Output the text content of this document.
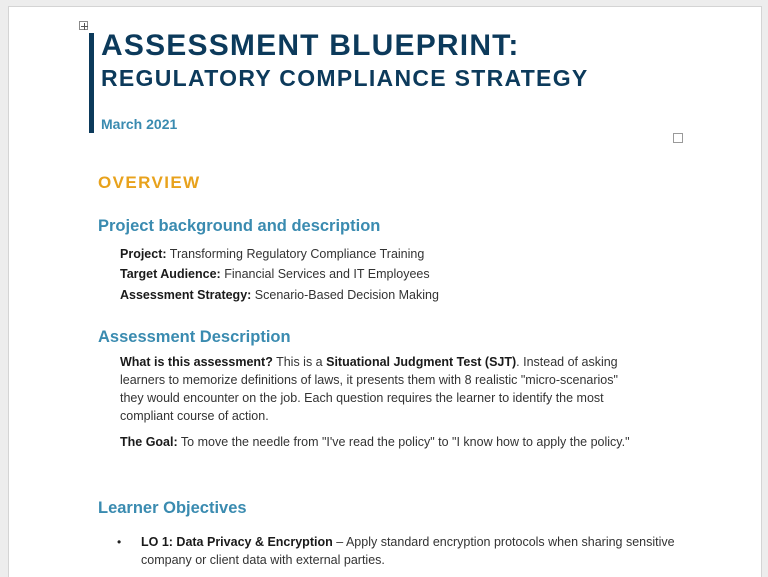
ASSESSMENT BLUEPRINT:
REGULATORY COMPLIANCE STRATEGY
March 2021
OVERVIEW
Project background and description
Project: Transforming Regulatory Compliance Training
Target Audience: Financial Services and IT Employees
Assessment Strategy: Scenario-Based Decision Making
Assessment Description

What is this assessment? This is a Situational Judgment Test (SJT). Instead of asking learners to memorize definitions of laws, it presents them with 8 realistic "micro-scenarios" they would encounter on the job. Each question requires the learner to identify the most compliant course of action.

The Goal: To move the needle from "I've read the policy" to "I know how to apply the policy."

Learner Objectives
• LO 1: Data Privacy & Encryption – Apply standard encryption protocols when sharing sensitive company or client data with external parties.
